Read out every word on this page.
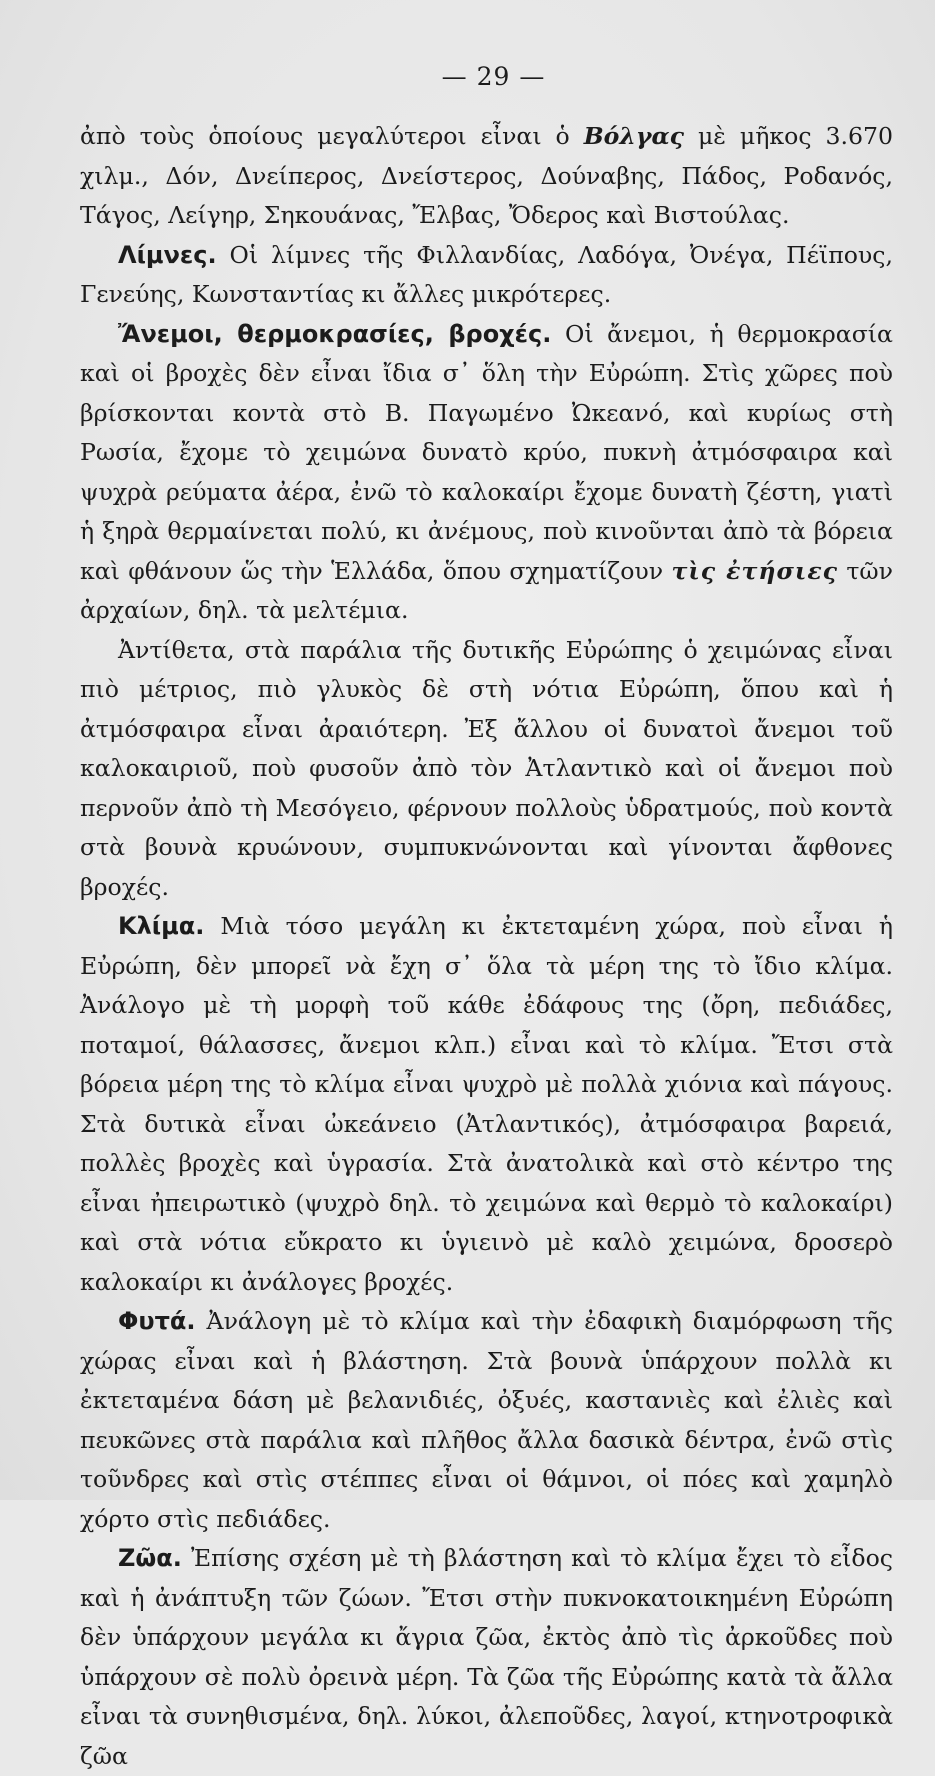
— 29 —

ἀπὸ τοὺς ὁποίους μεγαλύτεροι εἶναι ὁ Βόλγας μὲ μῆκος 3.670 χιλμ., Δόν, Δνείπερος, Δνείστερος, Δούναβης, Πάδος, Ροδανός, Τάγος, Λείγηρ, Σηκουάνας, Ἔλβας, Ὄδερος καὶ Βιστούλας.

Λίμνες. Οἱ λίμνες τῆς Φιλλανδίας, Λαδόγα, Ὀνέγα, Πέϊπους, Γενεύης, Κωνσταντίας κι ἄλλες μικρότερες.

Ἄνεμοι, θερμοκρασίες, βροχές. Οἱ ἄνεμοι, ἡ θερμοκρασία καὶ οἱ βροχὲς δὲν εἶναι ἴδια σ᾽ ὅλη τὴν Εὐρώπη. Στὶς χῶρες ποὺ βρίσκονται κοντὰ στὸ Β. Παγωμένο Ὠκεανό, καὶ κυρίως στὴ Ρωσία, ἔχομε τὸ χειμώνα δυνατὸ κρύο, πυκνὴ ἀτμόσφαιρα καὶ ψυχρὰ ρεύματα ἀέρα, ἐνῶ τὸ καλοκαίρι ἔχομε δυνατὴ ζέστη, γιατὶ ἡ ξηρὰ θερμαίνεται πολύ, κι ἀνέμους, ποὺ κινοῦνται ἀπὸ τὰ βόρεια καὶ φθάνουν ὥς τὴν Ἑλλάδα, ὅπου σχηματίζουν τὶς ἐτήσιες τῶν ἀρχαίων, δηλ. τὰ μελτέμια.

Ἀντίθετα, στὰ παράλια τῆς δυτικῆς Εὐρώπης ὁ χειμώνας εἶναι πιὸ μέτριος, πιὸ γλυκὸς δὲ στὴ νότια Εὐρώπη, ὅπου καὶ ἡ ἀτμόσφαιρα εἶναι ἀραιότερη. Ἐξ ἄλλου οἱ δυνατοὶ ἄνεμοι τοῦ καλοκαιριοῦ, ποὺ φυσοῦν ἀπὸ τὸν Ἀτλαντικὸ καὶ οἱ ἄνεμοι ποὺ περνοῦν ἀπὸ τὴ Μεσόγειο, φέρνουν πολλοὺς ὑδρατμούς, ποὺ κοντὰ στὰ βουνὰ κρυώνουν, συμπυκνώνονται καὶ γίνονται ἄφθονες βροχές.

Κλίμα. Μιὰ τόσο μεγάλη κι ἐκτεταμένη χώρα, ποὺ εἶναι ἡ Εὐρώπη, δὲν μπορεῖ νὰ ἔχη σ᾽ ὅλα τὰ μέρη της τὸ ἴδιο κλίμα. Ἀνάλογο μὲ τὴ μορφὴ τοῦ κάθε ἐδάφους της (ὄρη, πεδιάδες, ποταμοί, θάλασσες, ἄνεμοι κλπ.) εἶναι καὶ τὸ κλίμα. Ἔτσι στὰ βόρεια μέρη της τὸ κλίμα εἶναι ψυχρὸ μὲ πολλὰ χιόνια καὶ πάγους. Στὰ δυτικὰ εἶναι ὠκεάνειο (Ἀτλαντικός), ἀτμόσφαιρα βαρειά, πολλὲς βροχὲς καὶ ὑγρασία. Στὰ ἀνατολικὰ καὶ στὸ κέντρο της εἶναι ἠπειρωτικὸ (ψυχρὸ δηλ. τὸ χειμώνα καὶ θερμὸ τὸ καλοκαίρι) καὶ στὰ νότια εὔκρατο κι ὑγιεινὸ μὲ καλὸ χειμώνα, δροσερὸ καλοκαίρι κι ἀνάλογες βροχές.

Φυτά. Ἀνάλογη μὲ τὸ κλίμα καὶ τὴν ἐδαφικὴ διαμόρφωση τῆς χώρας εἶναι καὶ ἡ βλάστηση. Στὰ βουνὰ ὑπάρχουν πολλὰ κι ἐκτεταμένα δάση μὲ βελανιδιές, ὀξυές, καστανιὲς καὶ ἐλιὲς καὶ πευκῶνες στὰ παράλια καὶ πλῆθος ἄλλα δασικὰ δέντρα, ἐνῶ στὶς τοῦνδρες καὶ στὶς στέππες εἶναι οἱ θάμνοι, οἱ πόες καὶ χαμηλὸ χόρτο στὶς πεδιάδες.

Ζῶα. Ἐπίσης σχέση μὲ τὴ βλάστηση καὶ τὸ κλίμα ἔχει τὸ εἶδος καὶ ἡ ἀνάπτυξη τῶν ζώων. Ἔτσι στὴν πυκνοκατοικημένη Εὐρώπη δὲν ὑπάρχουν μεγάλα κι ἄγρια ζῶα, ἐκτὸς ἀπὸ τὶς ἀρκοῦδες ποὺ ὑπάρχουν σὲ πολὺ ὀρεινὰ μέρη. Τὰ ζῶα τῆς Εὐρώπης κατὰ τὰ ἄλλα εἶναι τὰ συνηθισμένα, δηλ. λύκοι, ἀλεποῦδες, λαγοί, κτηνοτροφικὰ ζῶα
